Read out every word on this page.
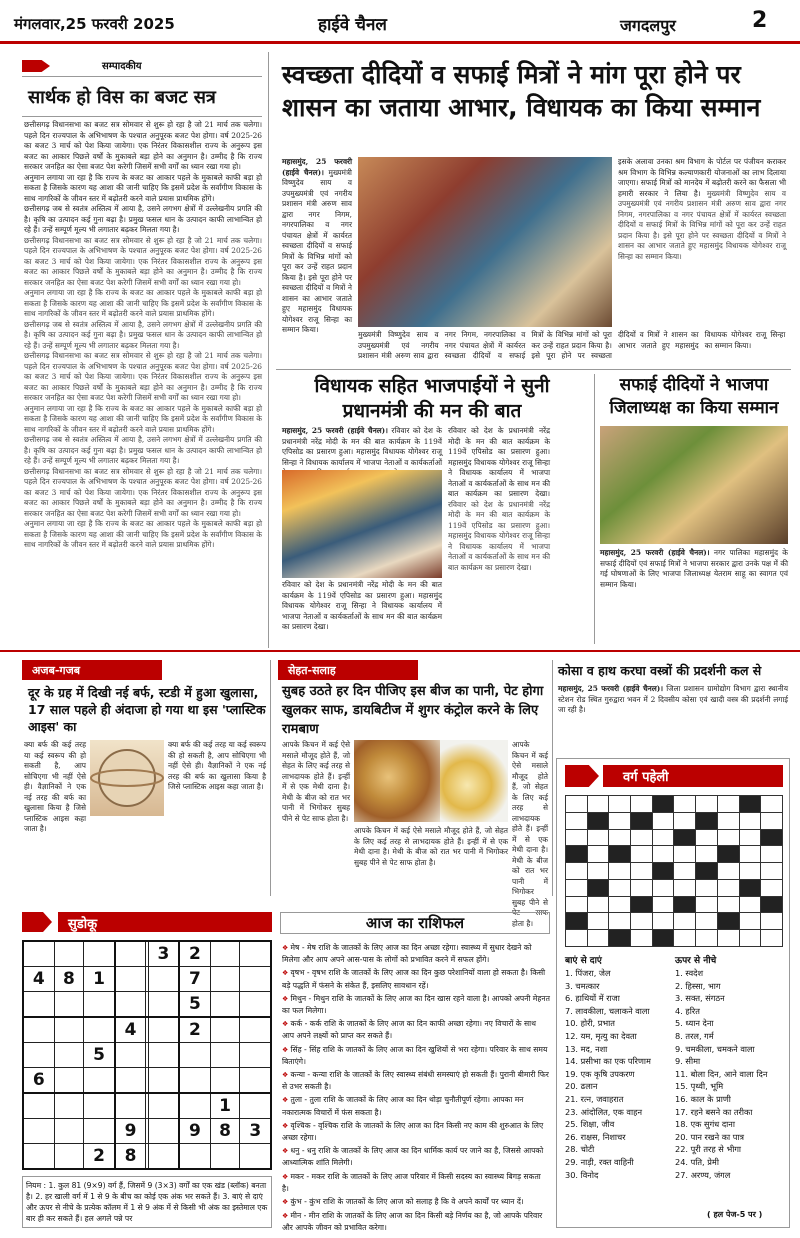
मंगलवार,25 फरवरी 2025	हाईवे चैनल	जगदलपुर	2
सम्पादकीय
सार्थक हो विस का बजट सत्र

छत्तीसगढ़ विधानसभा का बजट सत्र सोमवार से शुरू हो रहा है जो 21 मार्च तक चलेगा। पहले दिन राज्यपाल के अभिभाषण के पश्चात अनुपूरक बजट पेश होगा। वर्ष 2025-26 का बजट 3 मार्च को पेश किया जायेगा। एक निरंतर विकासशील राज्य के अनुरूप इस बजट का आकार पिछले वर्षों के मुकाबले बड़ा होने का अनुमान है। उम्मीद है कि राज्य सरकार जनहित का ऐसा बजट पेश करेगी जिसमें सभी वर्गों का ध्यान रखा गया हो।

अनुमान लगाया जा रहा है कि राज्य के बजट का आकार पहले के मुकाबले काफी बड़ा हो सकता है जिसके कारण यह आशा की जानी चाहिए कि इसमें प्रदेश के सर्वांगीण विकास के साथ नागरिकों के जीवन स्तर में बढ़ोतरी करने वाले प्रयास प्राथमिक होंगे।

छत्तीसगढ़ जब से स्वतंत्र अस्तित्व में आया है, उसने लगभग क्षेत्रों में उल्लेखनीय प्रगति की है। कृषि का उत्पादन कई गुना बढ़ा है। प्रमुख फसल धान के उत्पादन काफी लाभान्वित हो रहे हैं। उन्हें सम्पूर्ण मूल्य भी लगातार बढ़कर मिलता गया है।

छत्तीसगढ़ विधानसभा का बजट सत्र सोमवार से शुरू हो रहा है जो 21 मार्च तक चलेगा। पहले दिन राज्यपाल के अभिभाषण के पश्चात अनुपूरक बजट पेश होगा। वर्ष 2025-26 का बजट 3 मार्च को पेश किया जायेगा। एक निरंतर विकासशील राज्य के अनुरूप इस बजट का आकार पिछले वर्षों के मुकाबले बड़ा होने का अनुमान है। उम्मीद है कि राज्य सरकार जनहित का ऐसा बजट पेश करेगी जिसमें सभी वर्गों का ध्यान रखा गया हो।

अनुमान लगाया जा रहा है कि राज्य के बजट का आकार पहले के मुकाबले काफी बड़ा हो सकता है जिसके कारण यह आशा की जानी चाहिए कि इसमें प्रदेश के सर्वांगीण विकास के साथ नागरिकों के जीवन स्तर में बढ़ोतरी करने वाले प्रयास प्राथमिक होंगे।

छत्तीसगढ़ जब से स्वतंत्र अस्तित्व में आया है, उसने लगभग क्षेत्रों में उल्लेखनीय प्रगति की है। कृषि का उत्पादन कई गुना बढ़ा है। प्रमुख फसल धान के उत्पादन काफी लाभान्वित हो रहे हैं। उन्हें सम्पूर्ण मूल्य भी लगातार बढ़कर मिलता गया है।

छत्तीसगढ़ विधानसभा का बजट सत्र सोमवार से शुरू हो रहा है जो 21 मार्च तक चलेगा। पहले दिन राज्यपाल के अभिभाषण के पश्चात अनुपूरक बजट पेश होगा। वर्ष 2025-26 का बजट 3 मार्च को पेश किया जायेगा। एक निरंतर विकासशील राज्य के अनुरूप इस बजट का आकार पिछले वर्षों के मुकाबले बड़ा होने का अनुमान है। उम्मीद है कि राज्य सरकार जनहित का ऐसा बजट पेश करेगी जिसमें सभी वर्गों का ध्यान रखा गया हो।

अनुमान लगाया जा रहा है कि राज्य के बजट का आकार पहले के मुकाबले काफी बड़ा हो सकता है जिसके कारण यह आशा की जानी चाहिए कि इसमें प्रदेश के सर्वांगीण विकास के साथ नागरिकों के जीवन स्तर में बढ़ोतरी करने वाले प्रयास प्राथमिक होंगे।

छत्तीसगढ़ जब से स्वतंत्र अस्तित्व में आया है, उसने लगभग क्षेत्रों में उल्लेखनीय प्रगति की है। कृषि का उत्पादन कई गुना बढ़ा है। प्रमुख फसल धान के उत्पादन काफी लाभान्वित हो रहे हैं। उन्हें सम्पूर्ण मूल्य भी लगातार बढ़कर मिलता गया है।

छत्तीसगढ़ विधानसभा का बजट सत्र सोमवार से शुरू हो रहा है जो 21 मार्च तक चलेगा। पहले दिन राज्यपाल के अभिभाषण के पश्चात अनुपूरक बजट पेश होगा। वर्ष 2025-26 का बजट 3 मार्च को पेश किया जायेगा। एक निरंतर विकासशील राज्य के अनुरूप इस बजट का आकार पिछले वर्षों के मुकाबले बड़ा होने का अनुमान है। उम्मीद है कि राज्य सरकार जनहित का ऐसा बजट पेश करेगी जिसमें सभी वर्गों का ध्यान रखा गया हो।

अनुमान लगाया जा रहा है कि राज्य के बजट का आकार पहले के मुकाबले काफी बड़ा हो सकता है जिसके कारण यह आशा की जानी चाहिए कि इसमें प्रदेश के सर्वांगीण विकास के साथ नागरिकों के जीवन स्तर में बढ़ोतरी करने वाले प्रयास प्राथमिक होंगे।

स्वच्छता दीदियों व सफाई मित्रों ने मांग पूरा होने पर शासन का जताया आभार, विधायक का किया सम्मान
महासमुंद, 25 फरवरी (हाईवे चैनल)। मुख्यमंत्री विष्णुदेव साय व उपमुख्यमंत्री एवं नगरीय प्रशासन मंत्री अरुण साव द्वारा नगर निगम, नगरपालिका व नगर पंचायत क्षेत्रों में कार्यरत स्वच्छता दीदियों व सफाई मित्रों के विभिन्न मांगों को पूरा कर उन्हें राहत प्रदान किया है। इसे पूरा होने पर स्वच्छता दीदियों व मित्रों ने शासन का आभार जताते हुए महासमुंद विधायक योगेश्वर राजू सिन्हा का सम्मान किया।
मुख्यमंत्री विष्णुदेव साय व उपमुख्यमंत्री एवं नगरीय प्रशासन मंत्री अरुण साव द्वारा नगर निगम, नगरपालिका व नगर पंचायत क्षेत्रों में कार्यरत स्वच्छता दीदियों व सफाई मित्रों के विभिन्न मांगों को पूरा कर उन्हें राहत प्रदान किया है। इसे पूरा होने पर स्वच्छता दीदियों व मित्रों ने शासन का आभार जताते हुए महासमुंद विधायक योगेश्वर राजू सिन्हा का सम्मान किया।
इसके अलावा उनका श्रम विभाग के पोर्टल पर पंजीयन कराकर श्रम विभाग के विभिन्न कल्याणकारी योजनाओं का लाभ दिलाया जाएगा। सफाई मित्रों को मानदेय में बढ़ोतरी करने का फैसला भी हमारी सरकार ने लिया है। मुख्यमंत्री विष्णुदेव साय व उपमुख्यमंत्री एवं नगरीय प्रशासन मंत्री अरुण साव द्वारा नगर निगम, नगरपालिका व नगर पंचायत क्षेत्रों में कार्यरत स्वच्छता दीदियों व सफाई मित्रों के विभिन्न मांगों को पूरा कर उन्हें राहत प्रदान किया है। इसे पूरा होने पर स्वच्छता दीदियों व मित्रों ने शासन का आभार जताते हुए महासमुंद विधायक योगेश्वर राजू सिन्हा का सम्मान किया।
विधायक सहित भाजपाईयों ने सुनी प्रधानमंत्री की मन की बात
महासमुंद, 25 फरवरी (हाईवे चैनल)। रविवार को देश के प्रधानमंत्री नरेंद्र मोदी के मन की बात कार्यक्रम के 119वें एपिसोड का प्रसारण हुआ। महासमुंद विधायक योगेश्वर राजू सिन्हा ने विधायक कार्यालय में भाजपा नेताओं व कार्यकर्ताओं
रविवार को देश के प्रधानमंत्री नरेंद्र मोदी के मन की बात कार्यक्रम के 119वें एपिसोड का प्रसारण हुआ। महासमुंद विधायक योगेश्वर राजू सिन्हा ने विधायक कार्यालय में भाजपा नेताओं व कार्यकर्ताओं के साथ मन की बात कार्यक्रम का प्रसारण देखा।
रविवार को देश के प्रधानमंत्री नरेंद्र मोदी के मन की बात कार्यक्रम के 119वें एपिसोड का प्रसारण हुआ। महासमुंद विधायक योगेश्वर राजू सिन्हा ने विधायक कार्यालय में भाजपा नेताओं व कार्यकर्ताओं के साथ मन की बात कार्यक्रम का प्रसारण देखा। रविवार को देश के प्रधानमंत्री नरेंद्र मोदी के मन की बात कार्यक्रम के 119वें एपिसोड का प्रसारण हुआ। महासमुंद विधायक योगेश्वर राजू सिन्हा ने विधायक कार्यालय में भाजपा नेताओं व कार्यकर्ताओं के साथ मन की बात कार्यक्रम का प्रसारण देखा।
सफाई दीदियों ने भाजपा जिलाध्यक्ष का किया सम्मान
महासमुंद, 25 फरवरी (हाईवे चैनल)। नगर पालिका महासमुंद के सफाई दीदियों एवं सफाई मित्रों ने भाजपा सरकार द्वारा उनके पक्ष में की गई घोषणाओं के लिए भाजपा जिलाध्यक्ष येतराम साहू का स्वागत एवं सम्मान किया।
अजब-गजब
दूर के ग्रह में दिखी नई बर्फ, स्टडी में हुआ खुलासा, 17 साल पहले ही अंदाजा हो गया था इस 'प्लास्टिक आइस' का
क्या बर्फ की कई तरह या कई स्वरूप की हो सकती है, आप सोचिएगा भी नहीं ऐसे ही। वैज्ञानिकों ने एक नई तरह की बर्फ का खुलासा किया है जिसे प्लास्टिक आइस कहा जाता है।
क्या बर्फ की कई तरह या कई स्वरूप की हो सकती है, आप सोचिएगा भी नहीं ऐसे ही। वैज्ञानिकों ने एक नई तरह की बर्फ का खुलासा किया है जिसे प्लास्टिक आइस कहा जाता है।
सेहत-सलाह
सुबह उठते हर दिन पीजिए इस बीज का पानी, पेट होगा खुलकर साफ, डायबिटीज में शुगर कंट्रोल करने के लिए रामबाण
आपके किचन में कई ऐसे मसाले मौजूद होते हैं, जो सेहत के लिए कई तरह से लाभदायक होते हैं। इन्हीं में से एक मेथी दाना है। मेथी के बीज को रात भर पानी में भिगोकर सुबह पीने से पेट साफ होता है।
आपके किचन में कई ऐसे मसाले मौजूद होते हैं, जो सेहत के लिए कई तरह से लाभदायक होते हैं। इन्हीं में से एक मेथी दाना है। मेथी के बीज को रात भर पानी में भिगोकर सुबह पीने से पेट साफ होता है।
आपके किचन में कई ऐसे मसाले मौजूद होते हैं, जो सेहत के लिए कई तरह से लाभदायक होते हैं। इन्हीं में से एक मेथी दाना है। मेथी के बीज को रात भर पानी में भिगोकर सुबह पीने से पेट साफ होता है।
कोसा व हाथ करघा वस्त्रों की प्रदर्शनी कल से
महासमुंद, 25 फरवरी (हाईवे चैनल)। जिला प्रशासन ग्रामोद्योग विभाग द्वारा स्थानीय स्टेशन रोड स्थित गुरुद्वारा भवन में 2 दिवसीय कोसा एवं खादी वस्त्र की प्रदर्शनी लगाई जा रही है।
वर्ग पहेली

बाएं से दाएं	ऊपर से नीचे
1. पिंजरा, जेल
3. चमत्कार
6. हाथियों में राजा
7. लावकीला, चलाकने वाला
10. होरी, प्रभात
12. यम, मृत्यु का देवता
13. मद, नशा
14. प्रसीभा का एक परिणाम
19. एक कृषि उपकरण
20. ढलान
21. रत्न, जवाहरात
23. आंदोलित, एक वाहन
25. शिक्षा, जीव
26. राक्षस, निशाचर
28. चोटी
29. नाड़ी, रक्त वाहिनी
30. विनोद
1. स्वदेश
2. हिस्सा, भाग
3. सक्त, संगठन
4. हरित
5. ध्यान देना
8. तरल, गर्म
9. चमकीला, चमकने वाला
9. सीमा
11. बोला दिन, आने वाला दिन
15. पृथ्वी, भूमि
16. काल के प्राणी
17. रहने बसने का तरीका
18. एक सुगंध दाना
20. पान रखने का पात्र
22. पूरी तरह से भीगा
24. पति, प्रेमी
27. अरण्य, जंगल
( हल पेज-5 पर )
सुडोकू
					3	2		
4	8	1				7		
						5		
			4			2		
		5						
6								
							1	
			9			9	8	3
		2	8					
नियम : 1. कुल 81 (9×9) वर्ग हैं, जिसमें 9 (3×3) वर्गों का एक खंड (ब्लॉक) बनता है। 2. हर खाली वर्ग में 1 से 9 के बीच का कोई एक अंक भर सकते हैं। 3. बाएं से दाएं और ऊपर से नीचे के प्रत्येक कॉलम में 1 से 9 अंक में से किसी भी अंक का इस्तेमाल एक बार ही कर सकते हैं। हल अगले पन्ने पर
आज का राशिफल
❖ मेष - मेष राशि के जातकों के लिए आज का दिन अच्छा रहेगा। स्वास्थ्य में सुधार देखने को मिलेगा और आप अपने आस-पास के लोगों को प्रभावित करने में सफल होंगे।
❖ वृषभ - वृषभ राशि के जातकों के लिए आज का दिन कुछ परेशानियों वाला हो सकता है। किसी बड़े पद्धति में फंसने के संकेत हैं, इसलिए सावधान रहें।
❖ मिथुन - मिथुन राशि के जातकों के लिए आज का दिन खास रहने वाला है। आपको अपनी मेहनत का फल मिलेगा।
❖ कर्क - कर्क राशि के जातकों के लिए आज का दिन काफी अच्छा रहेगा। नए विचारों के साथ आप अपने लक्ष्यों को प्राप्त कर सकते हैं।
❖ सिंह - सिंह राशि के जातकों के लिए आज का दिन खुशियों से भरा रहेगा। परिवार के साथ समय बिताएंगे।
❖ कन्या - कन्या राशि के जातकों के लिए स्वास्थ्य संबंधी समस्याएं हो सकती हैं। पुरानी बीमारी फिर से उभर सकती है।
❖ तुला - तुला राशि के जातकों के लिए आज का दिन थोड़ा चुनौतीपूर्ण रहेगा। आपका मन नकारात्मक विचारों में फंस सकता है।
❖ वृश्चिक - वृश्चिक राशि के जातकों के लिए आज का दिन किसी नए काम की शुरुआत के लिए अच्छा रहेगा।
❖ धनु - धनु राशि के जातकों के लिए आज का दिन धार्मिक कार्य पर जाने का है, जिससे आपको आध्यात्मिक शांति मिलेगी।
❖ मकर - मकर राशि के जातकों के लिए आज परिवार में किसी सदस्य का स्वास्थ्य बिगड़ सकता है।
❖ कुंभ - कुंभ राशि के जातकों के लिए आज को सलाह है कि वे अपने कार्यों पर ध्यान दें।
❖ मीन - मीन राशि के जातकों के लिए आज का दिन किसी बड़े निर्णय का है, जो आपके परिवार और आपके जीवन को प्रभावित करेगा।
